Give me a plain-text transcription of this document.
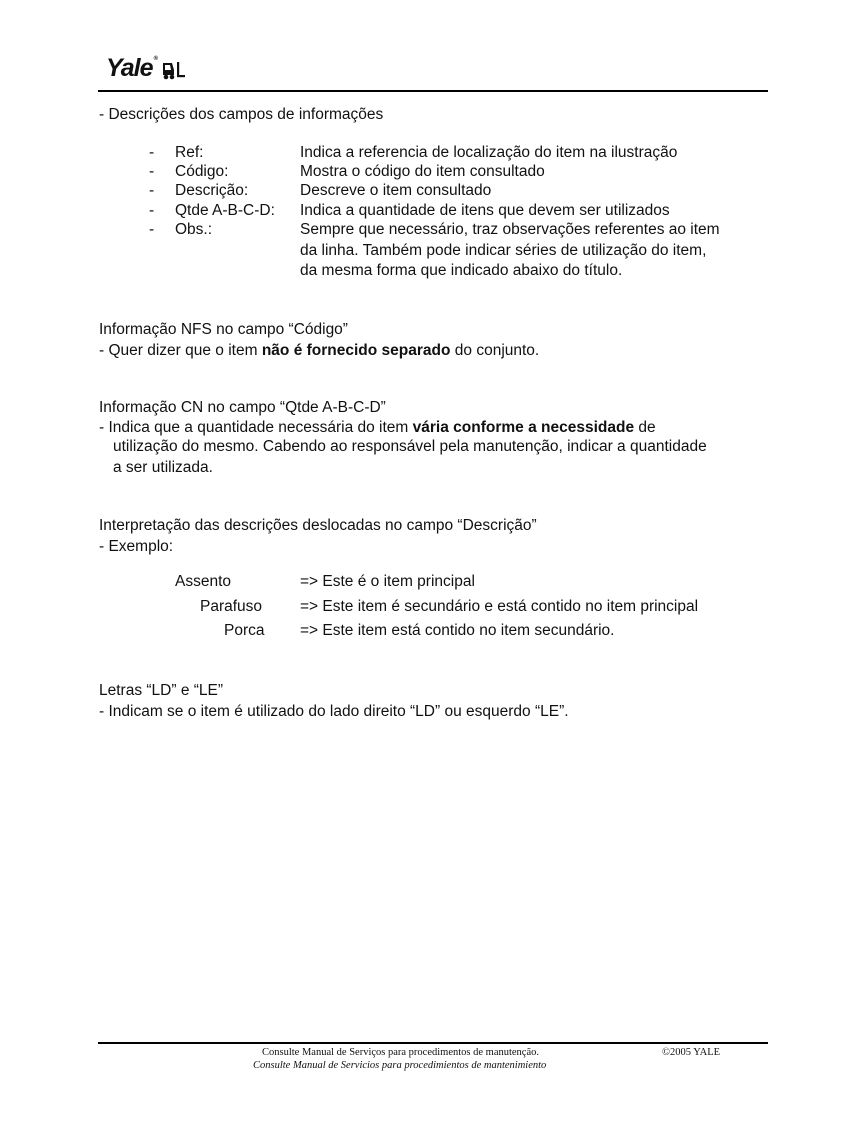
Yale®
- Descrições dos campos de informações
- Ref:	Indica a referencia de localização do item na ilustração
- Código:	Mostra o código do item consultado
- Descrição:	Descreve o item consultado
- Qtde A-B-C-D: Indica a quantidade de itens que devem ser utilizados
- Obs.:	Sempre que necessário, traz observações referentes ao item
da linha. Também pode indicar séries de utilização do item,
da mesma forma que indicado abaixo do título.
Informação NFS no campo “Código”
- Quer dizer que o item não é fornecido separado do conjunto.
Informação CN no campo “Qtde A-B-C-D”
- Indica que a quantidade necessária do item vária conforme a necessidade de
utilização do mesmo. Cabendo ao responsável pela manutenção, indicar a quantidade
a ser utilizada.
Interpretação das descrições deslocadas no campo “Descrição”
- Exemplo:
Assento	=> Este é o item principal
Parafuso	=> Este item é secundário e está contido no item principal
Porca	=> Este item está contido no item secundário.
Letras “LD” e “LE”
- Indicam se o item é utilizado do lado direito “LD” ou esquerdo “LE”.
Consulte Manual de Serviços para procedimentos de manutenção.
Consulte Manual de Servicios para procedimientos de mantenimiento
©2005 YALE
